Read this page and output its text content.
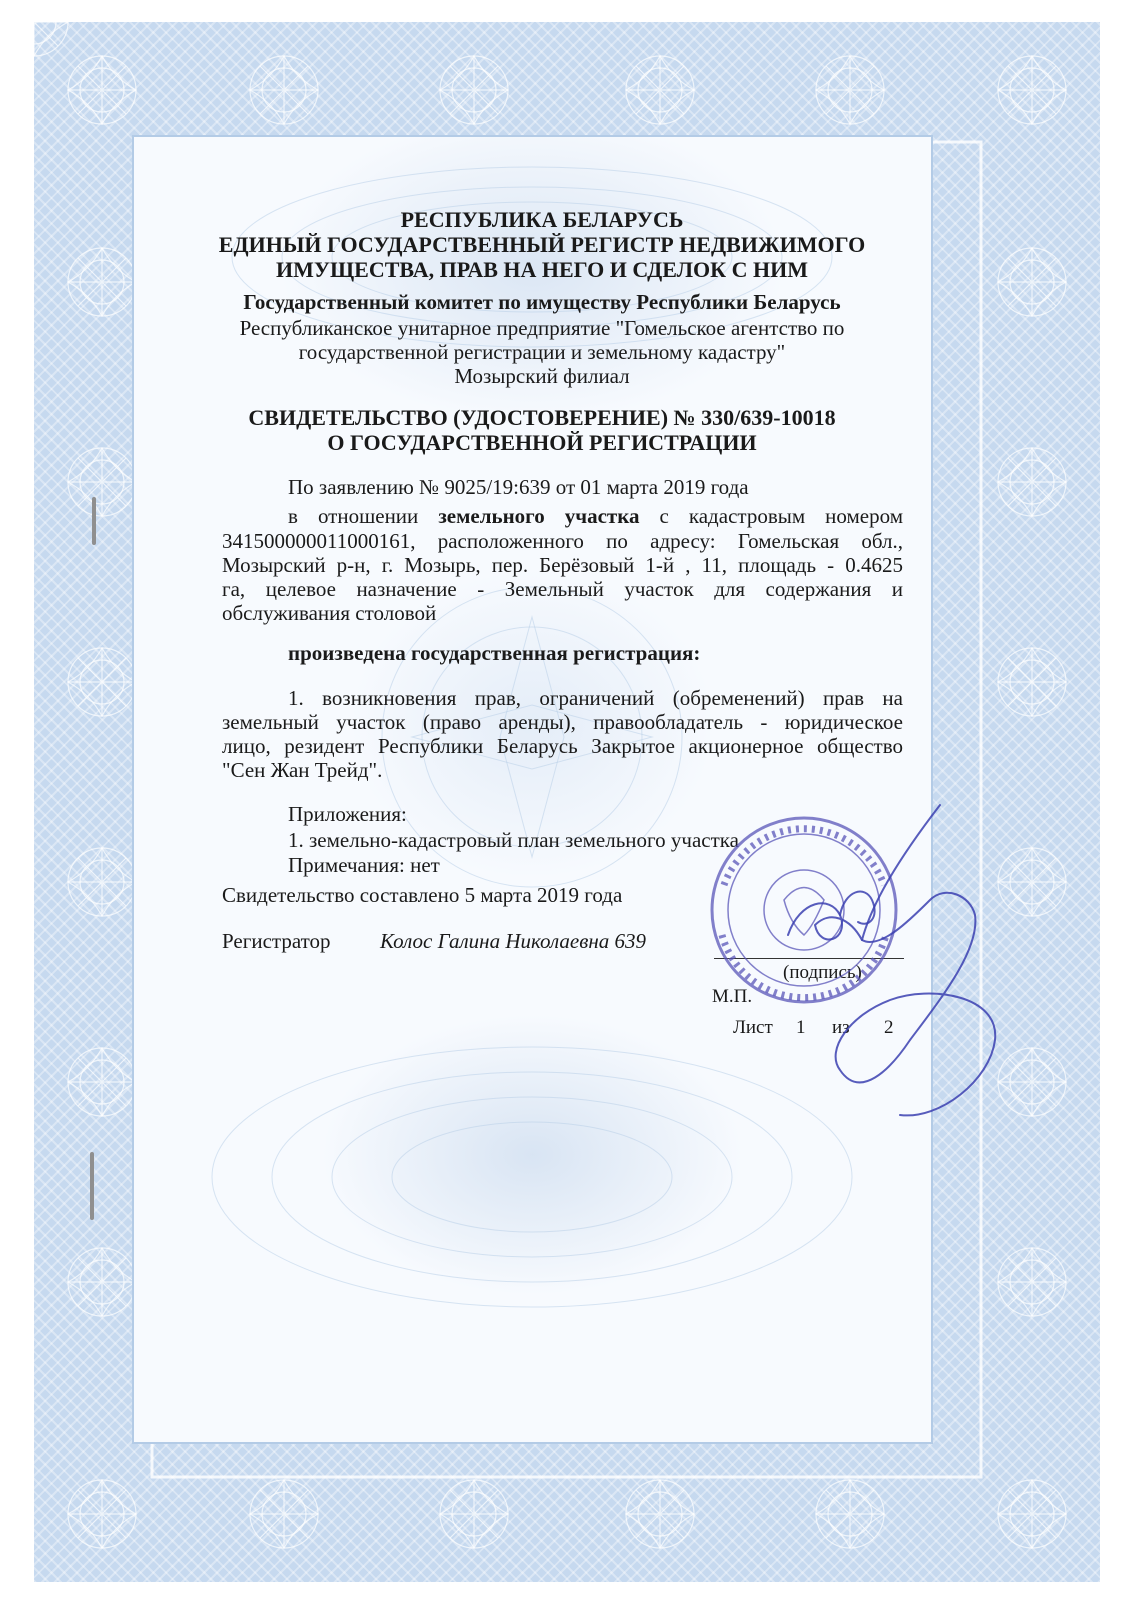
РЕСПУБЛИКА БЕЛАРУСЬ
ЕДИНЫЙ ГОСУДАРСТВЕННЫЙ РЕГИСТР НЕДВИЖИМОГО
ИМУЩЕСТВА, ПРАВ НА НЕГО И СДЕЛОК С НИМ
Государственный комитет по имуществу Республики Беларусь
Республиканское унитарное предприятие "Гомельское агентство по
государственной регистрации и земельному кадастру"
Мозырский филиал
СВИДЕТЕЛЬСТВО (УДОСТОВЕРЕНИЕ) № 330/639-10018
О ГОСУДАРСТВЕННОЙ РЕГИСТРАЦИИ
По заявлению № 9025/19:639 от 01 марта 2019 года
в отношении земельного участка с кадастровым номером
341500000011000161, расположенного по адресу: Гомельская обл.,
Мозырский р-н, г. Мозырь, пер. Берёзовый 1-й , 11, площадь - 0.4625
га, целевое назначение - Земельный участок для содержания и
обслуживания столовой
произведена государственная регистрация:
1. возникновения прав, ограничений (обременений) прав на
земельный участок (право аренды), правообладатель - юридическое
лицо, резидент Республики Беларусь Закрытое акционерное общество
"Сен Жан Трейд".
Приложения:
1. земельно-кадастровый план земельного участка
Примечания: нет
Свидетельство составлено 5 марта 2019 года
Регистратор Колос Галина Николаевна 639
(подпись)
М.П.
Лист 1 из 2
